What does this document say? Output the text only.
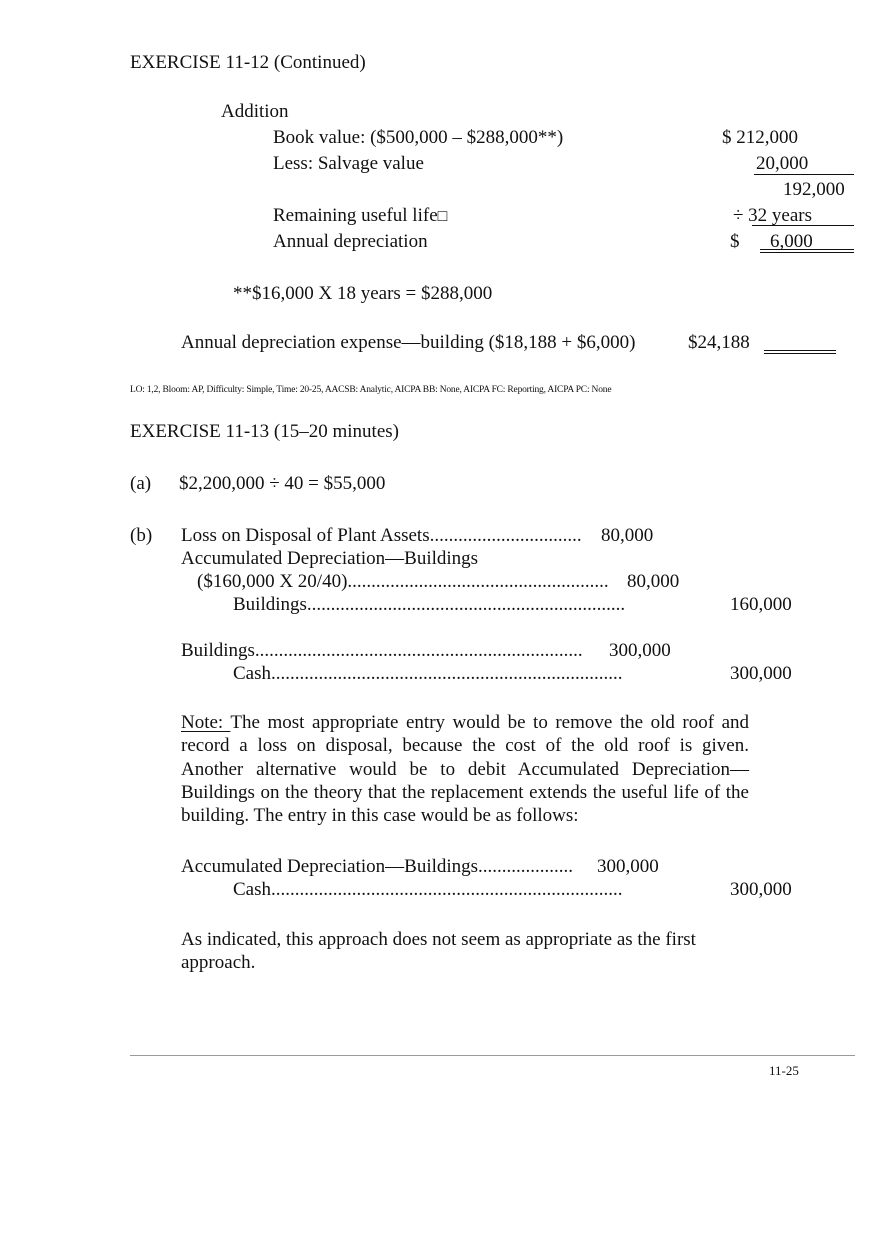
EXERCISE 11-12 (Continued)
Addition
Book value: ($500,000 – $288,000**)	$ 212,000
Less: Salvage value	20,000
192,000
Remaining useful life□	÷ 32 years
Annual depreciation	$ 6,000
**$16,000 X 18 years = $288,000
Annual depreciation expense—building ($18,188 + $6,000)	$24,188
LO: 1,2, Bloom: AP, Difficulty: Simple, Time: 20-25, AACSB: Analytic, AICPA BB: None, AICPA FC: Reporting, AICPA PC: None
EXERCISE 11-13 (15–20 minutes)
(a) $2,200,000 ÷ 40 = $55,000
(b) Loss on Disposal of Plant Assets................................ 80,000
Accumulated Depreciation—Buildings
($160,000 X 20/40)....................................................... 80,000
Buildings...................................................................	160,000
Buildings..................................................................... 300,000
Cash..........................................................................	300,000
Note: The most appropriate entry would be to remove the old roof and record a loss on disposal, because the cost of the old roof is given. Another alternative would be to debit Accumulated Depreciation—Buildings on the theory that the replacement extends the useful life of the building. The entry in this case would be as follows:
Accumulated Depreciation—Buildings.................... 300,000
Cash..........................................................................	300,000
As indicated, this approach does not seem as appropriate as the first approach.
11-25
